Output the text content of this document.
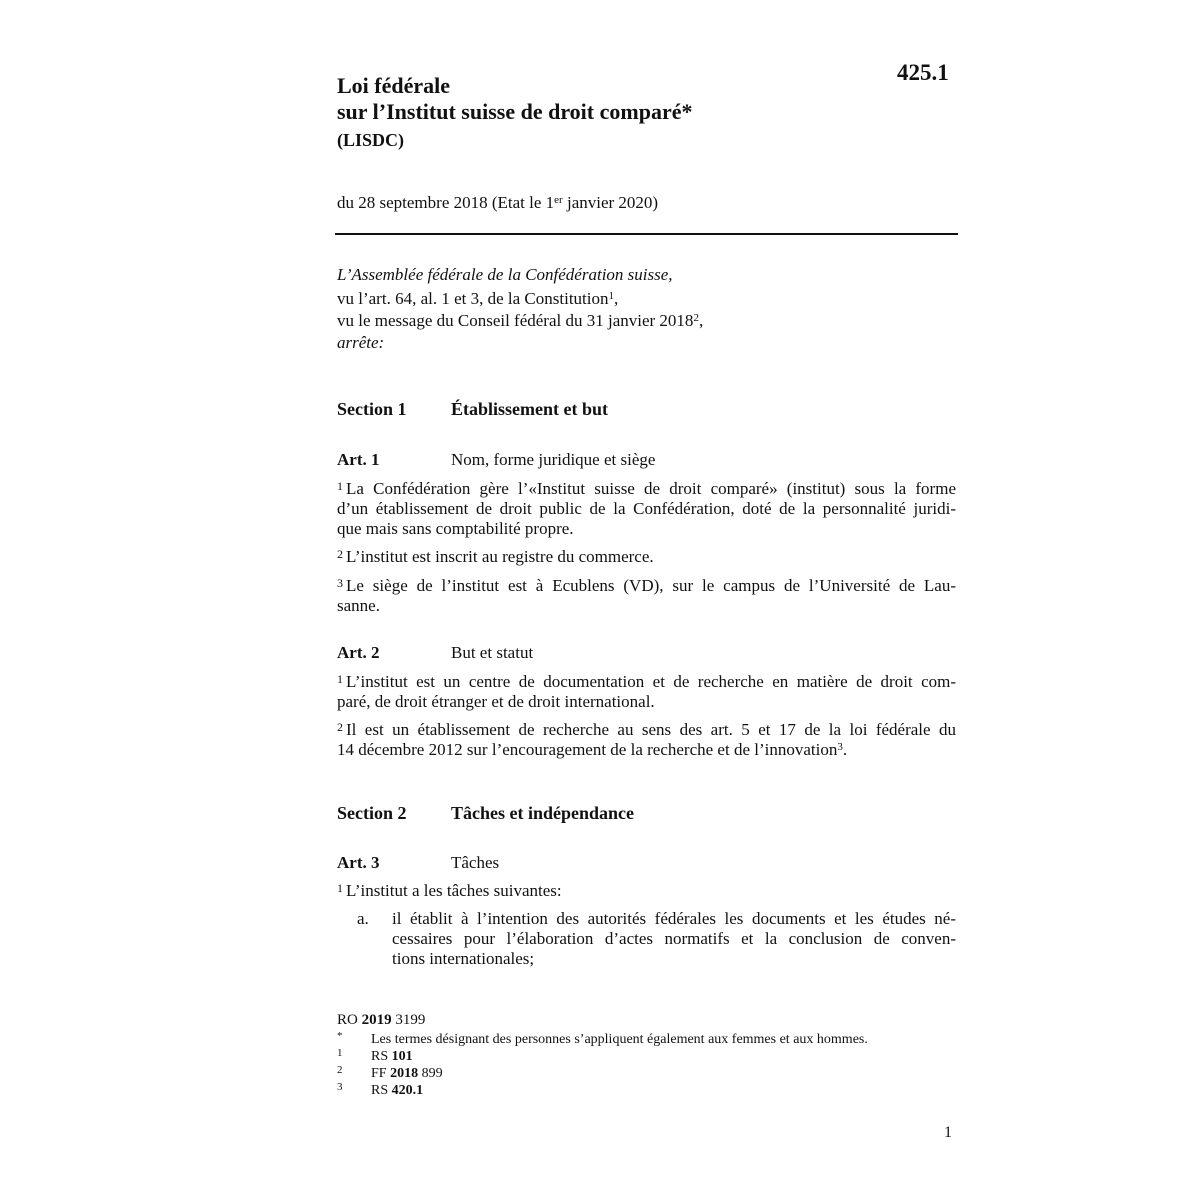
425.1
Loi fédérale
sur l’Institut suisse de droit comparé*
(LISDC)
du 28 septembre 2018 (Etat le 1er janvier 2020)
L’Assemblée fédérale de la Confédération suisse,
vu l’art. 64, al. 1 et 3, de la Constitution$^1$,
vu le message du Conseil fédéral du 31 janvier 2018$^2$,
arrête:
Section 1 Établissement et but
Art. 1	Nom, forme juridique et siège
$^1$ La Confédération gère l’«Institut suisse de droit comparé» (institut) sous la forme
d’un établissement de droit public de la Confédération, doté de la personnalité juridi-
que mais sans comptabilité propre.
$^2$ L’institut est inscrit au registre du commerce.
$^3$ Le siège de l’institut est à Ecublens (VD), sur le campus de l’Université de Lau-
sanne.
Art. 2	But et statut
$^1$ L’institut est un centre de documentation et de recherche en matière de droit com-
paré, de droit étranger et de droit international.
$^2$ Il est un établissement de recherche au sens des art. 5 et 17 de la loi fédérale du
14 décembre 2012 sur l’encouragement de la recherche et de l’innovation$^3$.
Section 2 Tâches et indépendance
Art. 3	Tâches
$^1$ L’institut a les tâches suivantes:
a. il établit à l’intention des autorités fédérales les documents et les études né-
cessaires pour l’élaboration d’actes normatifs et la conclusion de conven-
tions internationales;
RO 2019 3199
* Les termes désignant des personnes s’appliquent également aux femmes et aux hommes.
1 RS 101
2 FF 2018 899
3 RS 420.1
1
